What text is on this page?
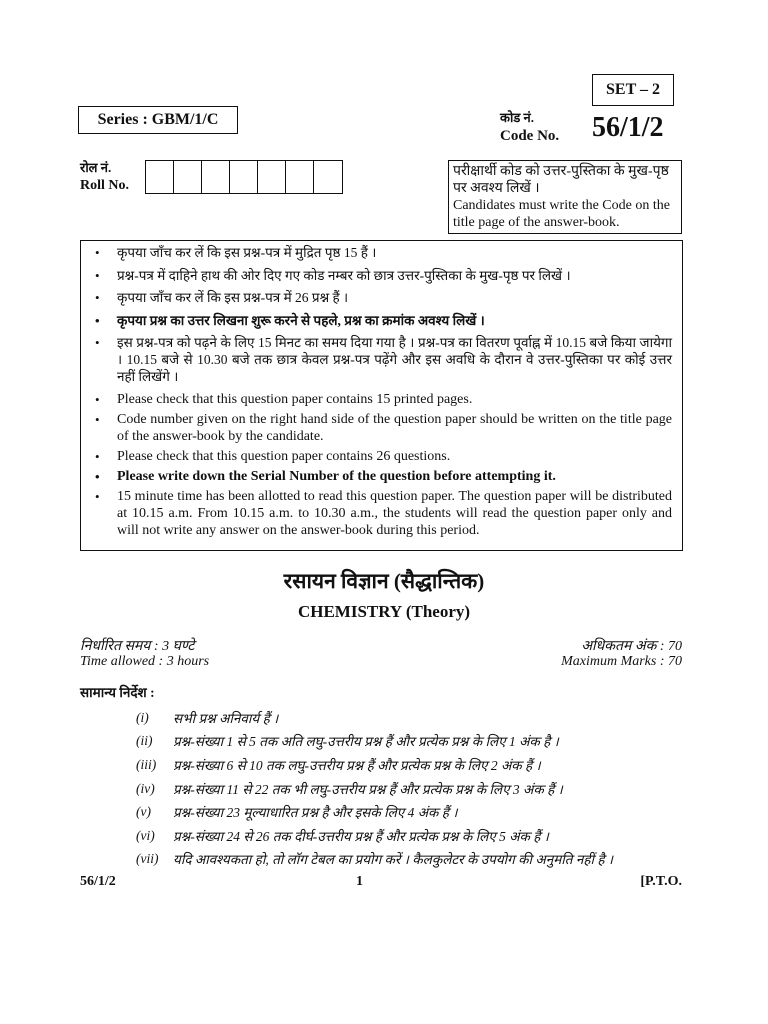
SET – 2
Series : GBM/1/C	कोड नं.
Code No. 56/1/2
रोल नं.
Roll No.
परीक्षार्थी कोड को उत्तर-पुस्तिका के मुख-पृष्ठ पर अवश्य लिखें ।
Candidates must write the Code on the title page of the answer-book.
• कृपया जाँच कर लें कि इस प्रश्न-पत्र में मुद्रित पृष्ठ 15 हैं ।
• प्रश्न-पत्र में दाहिने हाथ की ओर दिए गए कोड नम्बर को छात्र उत्तर-पुस्तिका के मुख-पृष्ठ पर लिखें ।
• कृपया जाँच कर लें कि इस प्रश्न-पत्र में 26 प्रश्न हैं ।
• कृपया प्रश्न का उत्तर लिखना शुरू करने से पहले, प्रश्न का क्रमांक अवश्य लिखें ।
• इस प्रश्न-पत्र को पढ़ने के लिए 15 मिनट का समय दिया गया है । प्रश्न-पत्र का वितरण पूर्वाह्न में 10.15 बजे किया जायेगा । 10.15 बजे से 10.30 बजे तक छात्र केवल प्रश्न-पत्र पढ़ेंगे और इस अवधि के दौरान वे उत्तर-पुस्तिका पर कोई उत्तर नहीं लिखेंगे ।
• Please check that this question paper contains 15 printed pages.
• Code number given on the right hand side of the question paper should be written on the title page of the answer-book by the candidate.
• Please check that this question paper contains 26 questions.
• Please write down the Serial Number of the question before attempting it.
• 15 minute time has been allotted to read this question paper. The question paper will be distributed at 10.15 a.m. From 10.15 a.m. to 10.30 a.m., the students will read the question paper only and will not write any answer on the answer-book during this period.
रसायन विज्ञान (सैद्धान्तिक)
CHEMISTRY (Theory)
निर्धारित समय : 3 घण्टे
Time allowed : 3 hours
अधिकतम अंक : 70
Maximum Marks : 70
सामान्य निर्देश :
(i)	सभी प्रश्न अनिवार्य हैं ।
(ii)	प्रश्न-संख्या 1 से 5 तक अति लघु-उत्तरीय प्रश्न हैं और प्रत्येक प्रश्न के लिए 1 अंक है ।
(iii)	प्रश्न-संख्या 6 से 10 तक लघु-उत्तरीय प्रश्न हैं और प्रत्येक प्रश्न के लिए 2 अंक हैं ।
(iv)	प्रश्न-संख्या 11 से 22 तक भी लघु-उत्तरीय प्रश्न हैं और प्रत्येक प्रश्न के लिए 3 अंक हैं ।
(v)	प्रश्न-संख्या 23 मूल्याधारित प्रश्न है और इसके लिए 4 अंक हैं ।
(vi)	प्रश्न-संख्या 24 से 26 तक दीर्घ-उत्तरीय प्रश्न हैं और प्रत्येक प्रश्न के लिए 5 अंक हैं ।
(vii)	यदि आवश्यकता हो, तो लॉग टेबल का प्रयोग करें । कैलकुलेटर के उपयोग की अनुमति नहीं है ।
56/1/2	1	[P.T.O.
